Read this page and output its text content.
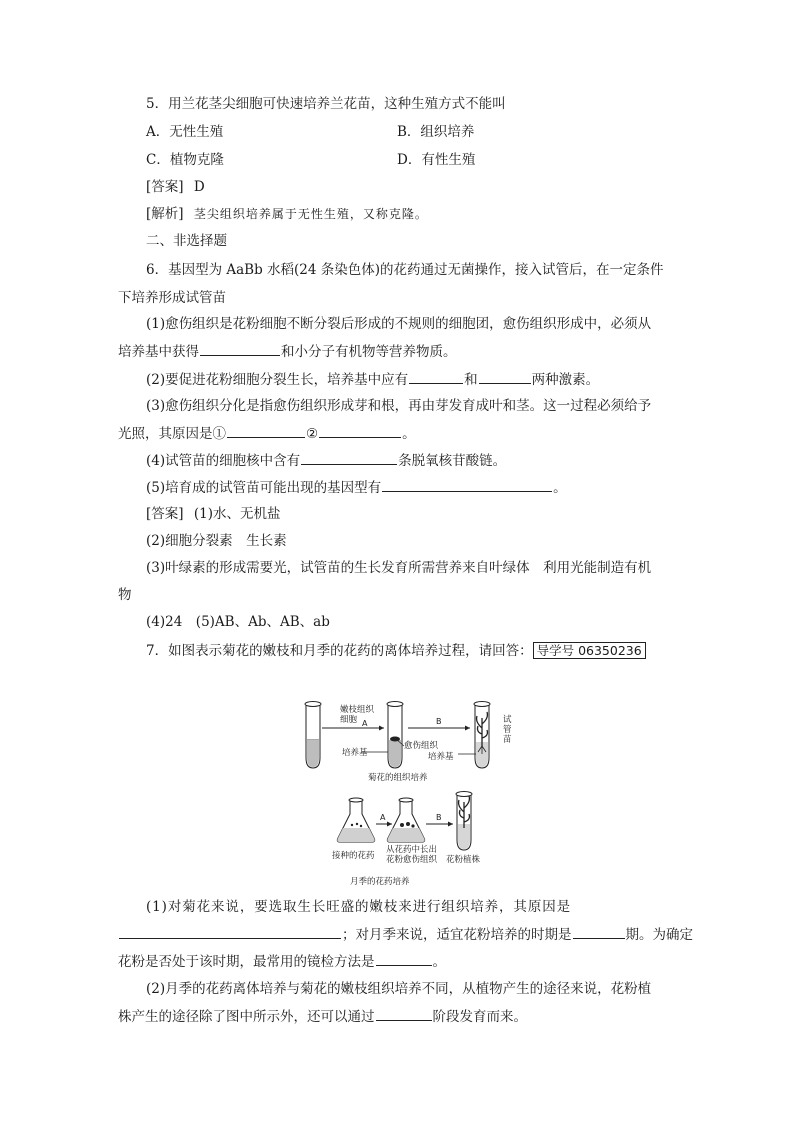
5．用兰花茎尖细胞可快速培养兰花苗，这种生殖方式不能叫
A．无性生殖	B．组织培养
C．植物克隆	D．有性生殖
[答案] D
[解析] 茎尖组织培养属于无性生殖，又称克隆。
二、非选择题
6．基因型为 AaBb 水稻(24 条染色体)的花药通过无菌操作，接入试管后，在一定条件
下培养形成试管苗
(1)愈伤组织是花粉细胞不断分裂后形成的不规则的细胞团，愈伤组织形成中，必须从
培养基中获得	和小分子有机物等营养物质。
(2)要促进花粉细胞分裂生长，培养基中应有	和	两种激素。
(3)愈伤组织分化是指愈伤组织形成芽和根，再由芽发育成叶和茎。这一过程必须给予
光照，其原因是①	②	。
(4)试管苗的细胞核中含有	条脱氧核苷酸链。
(5)培育成的试管苗可能出现的基因型有	。
[答案] (1)水、无机盐
(2)细胞分裂素　生长素
(3)叶绿素的形成需要光，试管苗的生长发育所需营养来自叶绿体　利用光能制造有机
物
(4)24　(5)AB、Ab、AB、ab
7．如图表示菊花的嫩枝和月季的花药的离体培养过程，请回答： 导学号 06350236
嫩枝组织
细胞 A	B
培养基
愈伤组织
培养基
试
管
苗
菊花的组织培养
A	B
接种的花药
从花药中长出
花粉愈伤组织 花粉植株
月季的花药培养
(1)对菊花来说，要选取生长旺盛的嫩枝来进行组织培养，其原因是
；对月季来说，适宜花粉培养的时期是	期。为确定
花粉是否处于该时期，最常用的镜检方法是	。
(2)月季的花药离体培养与菊花的嫩枝组织培养不同，从植物产生的途径来说，花粉植
株产生的途径除了图中所示外，还可以通过	阶段发育而来。
